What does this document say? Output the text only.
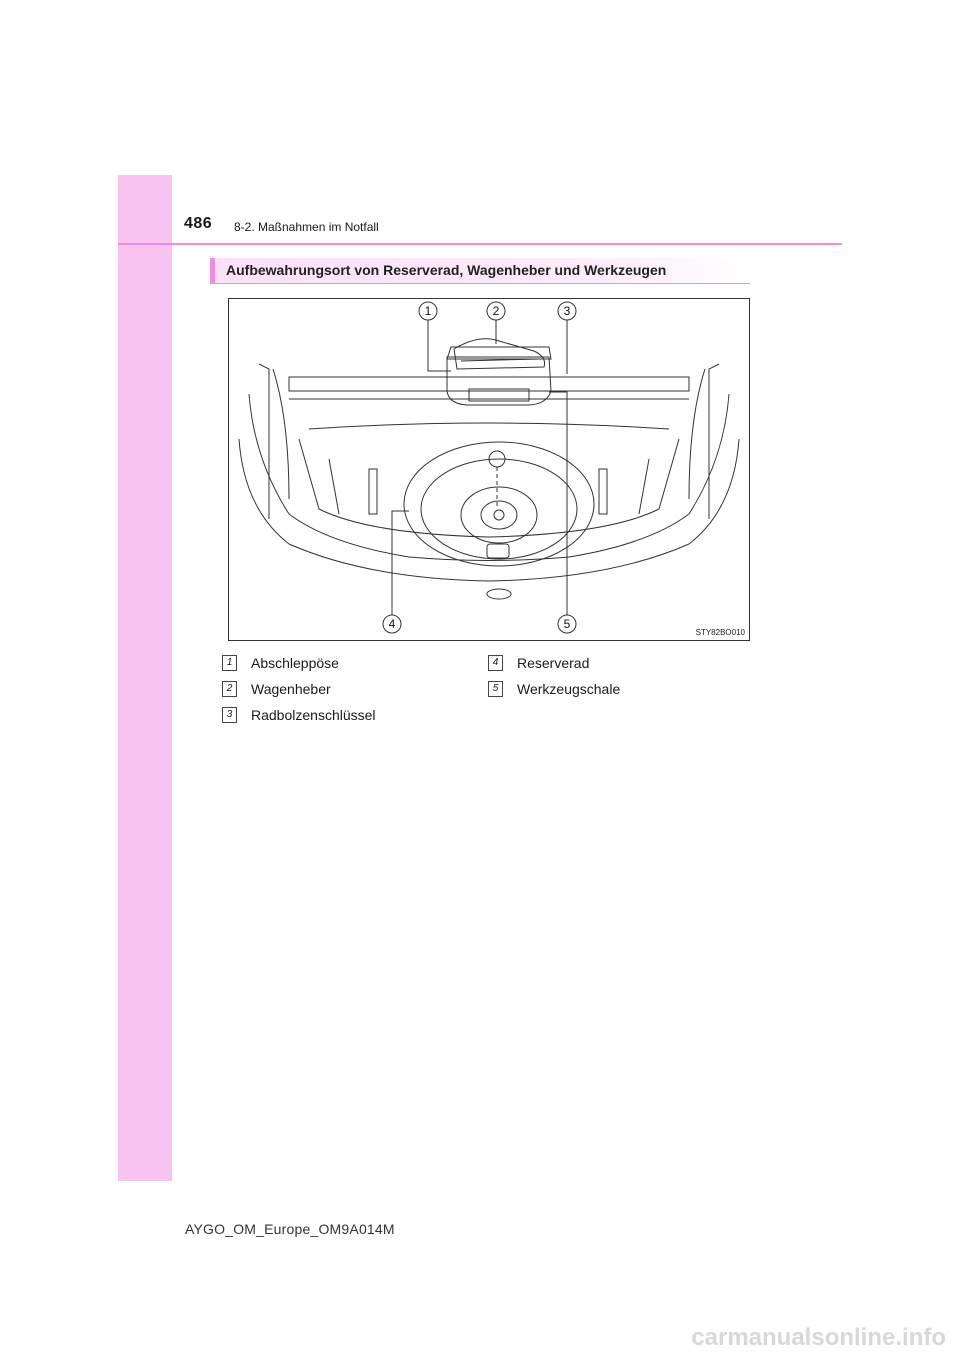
486 8-2. Maßnahmen im Notfall
Aufbewahrungsort von Reserverad, Wagenheber und Werkzeugen
1	2	3
4	5
STY82BO010
1	Abschleppöse
2	Wagenheber
3	Radbolzenschlüssel
4	Reserverad
5	Werkzeugschale
AYGO_OM_Europe_OM9A014M
carmanualsonline.info
